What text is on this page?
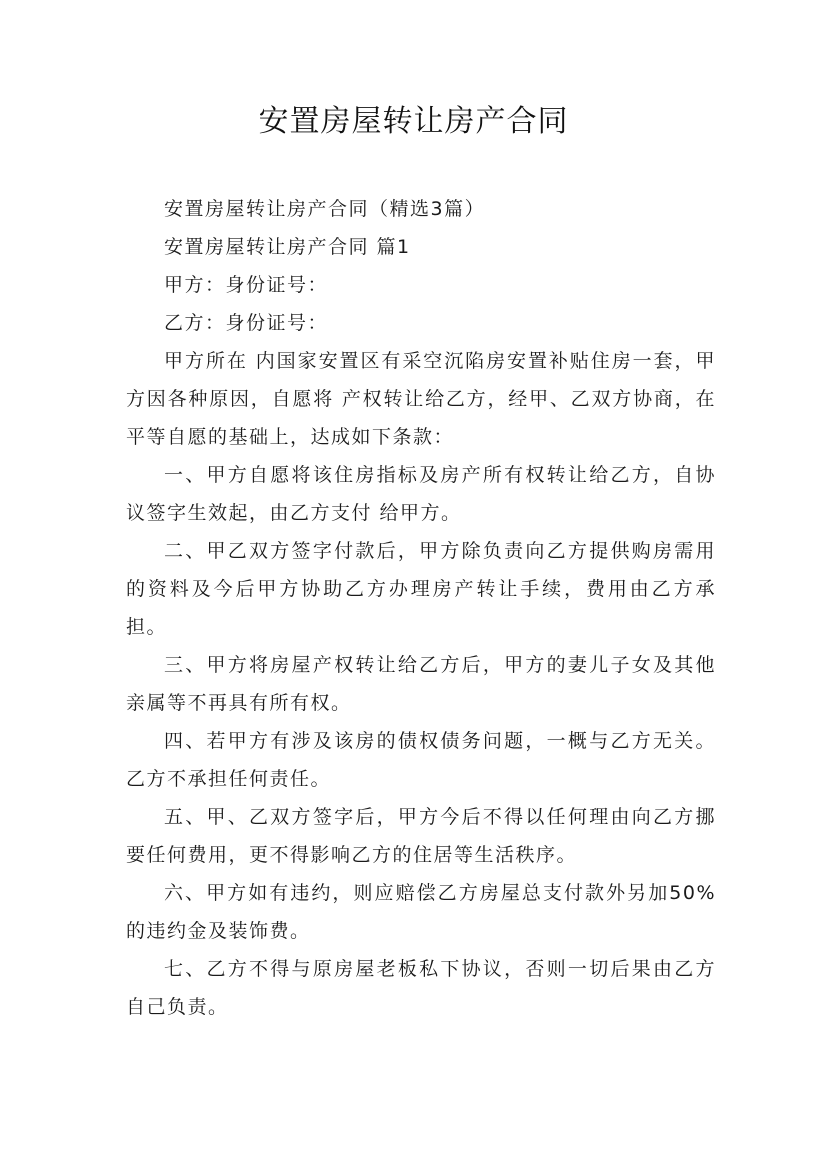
安置房屋转让房产合同

安置房屋转让房产合同（精选3篇）

安置房屋转让房产合同 篇1

甲方：身份证号：

乙方：身份证号：

甲方所在 内国家安置区有采空沉陷房安置补贴住房一套，甲方因各种原因，自愿将 产权转让给乙方，经甲、乙双方协商，在平等自愿的基础上，达成如下条款：

一、甲方自愿将该住房指标及房产所有权转让给乙方，自协议签字生效起，由乙方支付 给甲方。

二、甲乙双方签字付款后，甲方除负责向乙方提供购房需用的资料及今后甲方协助乙方办理房产转让手续，费用由乙方承担。

三、甲方将房屋产权转让给乙方后，甲方的妻儿子女及其他亲属等不再具有所有权。

四、若甲方有涉及该房的债权债务问题，一概与乙方无关。乙方不承担任何责任。

五、甲、乙双方签字后，甲方今后不得以任何理由向乙方挪要任何费用，更不得影响乙方的住居等生活秩序。

六、甲方如有违约，则应赔偿乙方房屋总支付款外另加50%的违约金及装饰费。

七、乙方不得与原房屋老板私下协议，否则一切后果由乙方自己负责。
